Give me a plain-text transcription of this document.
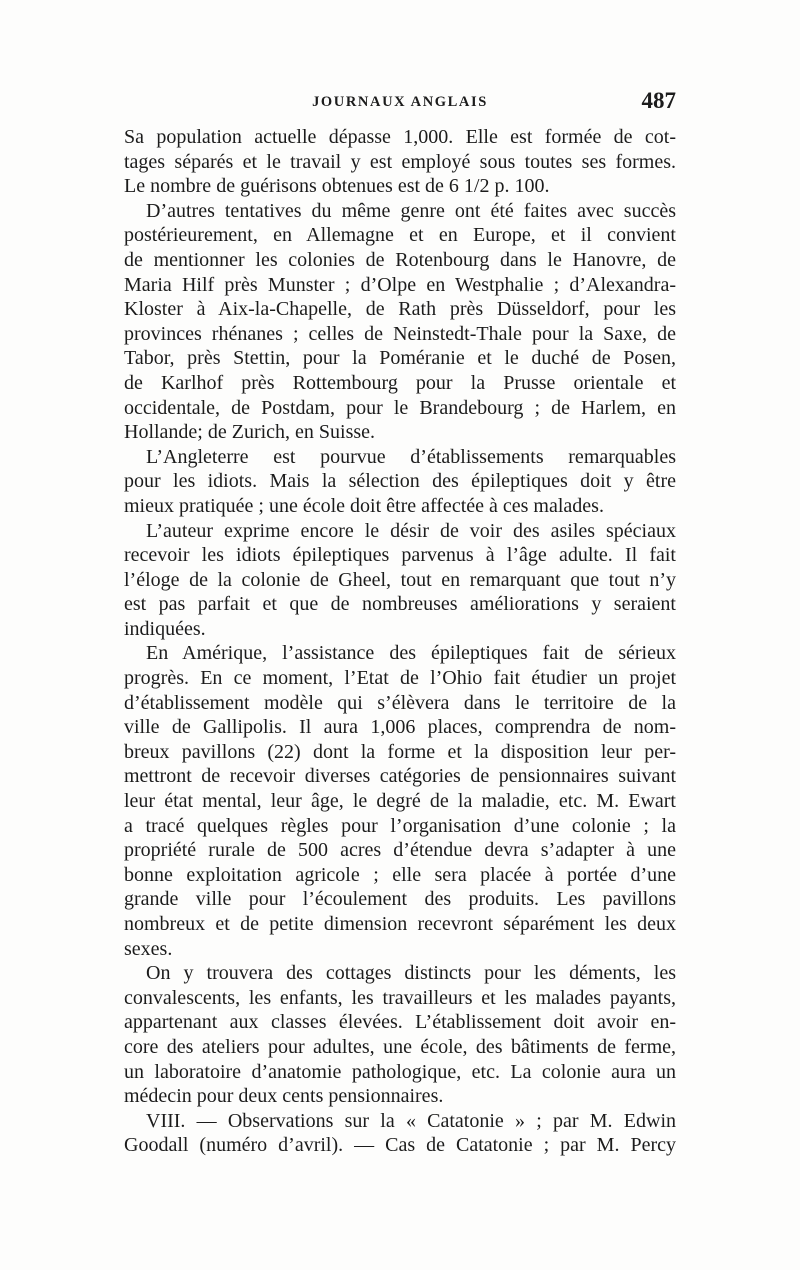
JOURNAUX ANGLAIS	487
Sa population actuelle dépasse 1,000. Elle est formée de cot-
tages séparés et le travail y est employé sous toutes ses formes.
Le nombre de guérisons obtenues est de 6 1/2 p. 100.
D’autres tentatives du même genre ont été faites avec succès
postérieurement, en Allemagne et en Europe, et il convient
de mentionner les colonies de Rotenbourg dans le Hanovre, de
Maria Hilf près Munster ; d’Olpe en Westphalie ; d’Alexandra-
Kloster à Aix-la-Chapelle, de Rath près Düsseldorf, pour les
provinces rhénanes ; celles de Neinstedt-Thale pour la Saxe, de
Tabor, près Stettin, pour la Poméranie et le duché de Posen,
de Karlhof près Rottembourg pour la Prusse orientale et
occidentale, de Postdam, pour le Brandebourg ; de Harlem, en
Hollande; de Zurich, en Suisse.
L’Angleterre est pourvue d’établissements remarquables
pour les idiots. Mais la sélection des épileptiques doit y être
mieux pratiquée ; une école doit être affectée à ces malades.
L’auteur exprime encore le désir de voir des asiles spéciaux
recevoir les idiots épileptiques parvenus à l’âge adulte. Il fait
l’éloge de la colonie de Gheel, tout en remarquant que tout n’y
est pas parfait et que de nombreuses améliorations y seraient
indiquées.
En Amérique, l’assistance des épileptiques fait de sérieux
progrès. En ce moment, l’Etat de l’Ohio fait étudier un projet
d’établissement modèle qui s’élèvera dans le territoire de la
ville de Gallipolis. Il aura 1,006 places, comprendra de nom-
breux pavillons (22) dont la forme et la disposition leur per-
mettront de recevoir diverses catégories de pensionnaires suivant
leur état mental, leur âge, le degré de la maladie, etc. M. Ewart
a tracé quelques règles pour l’organisation d’une colonie ; la
propriété rurale de 500 acres d’étendue devra s’adapter à une
bonne exploitation agricole ; elle sera placée à portée d’une
grande ville pour l’écoulement des produits. Les pavillons
nombreux et de petite dimension recevront séparément les deux
sexes.
On y trouvera des cottages distincts pour les déments, les
convalescents, les enfants, les travailleurs et les malades payants,
appartenant aux classes élevées. L’établissement doit avoir en-
core des ateliers pour adultes, une école, des bâtiments de ferme,
un laboratoire d’anatomie pathologique, etc. La colonie aura un
médecin pour deux cents pensionnaires.
VIII. — Observations sur la « Catatonie » ; par M. Edwin
Goodall (numéro d’avril). — Cas de Catatonie ; par M. Percy
